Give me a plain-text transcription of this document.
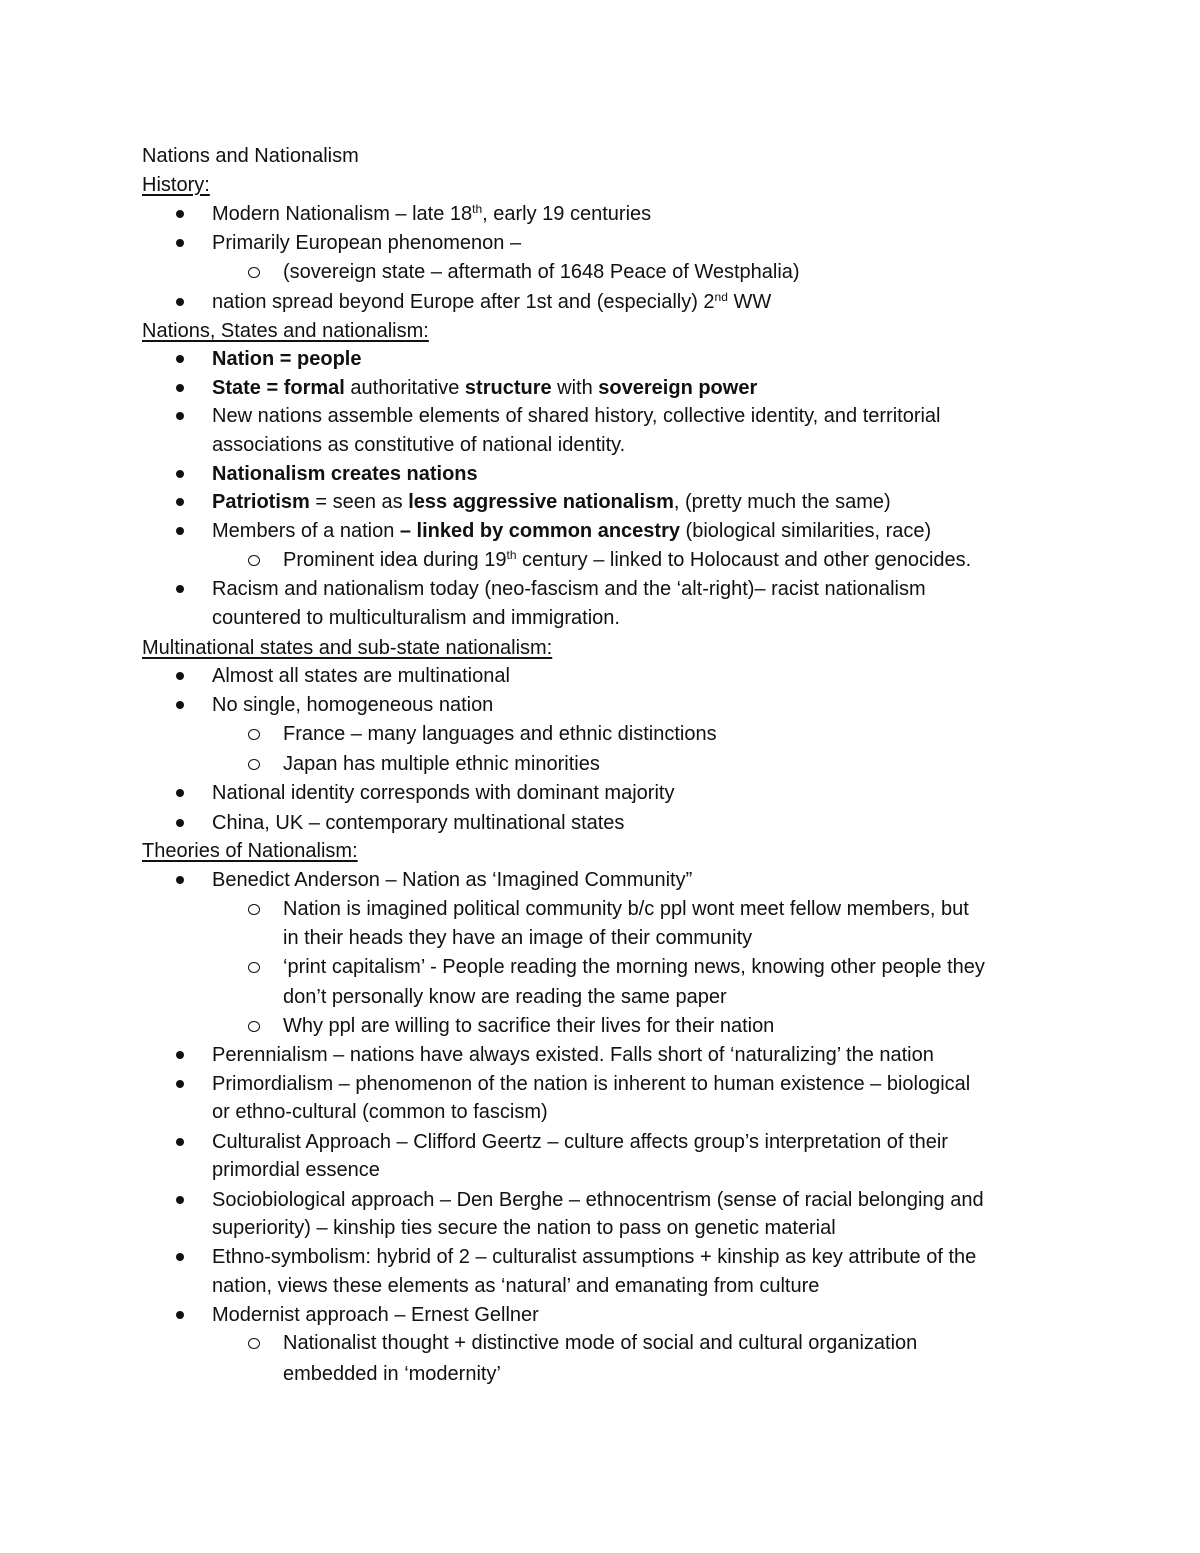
Nations and Nationalism
History:
Modern Nationalism – late 18th, early 19 centuries
Primarily European phenomenon –
(sovereign state – aftermath of 1648 Peace of Westphalia)
nation spread beyond Europe after 1st and (especially) 2nd WW
Nations, States and nationalism:
Nation = people
State = formal authoritative structure with sovereign power
New nations assemble elements of shared history, collective identity, and territorial
associations as constitutive of national identity.
Nationalism creates nations
Patriotism = seen as less aggressive nationalism, (pretty much the same)
Members of a nation – linked by common ancestry (biological similarities, race)
Prominent idea during 19th century – linked to Holocaust and other genocides.
Racism and nationalism today (neo-fascism and the ‘alt-right)– racist nationalism
countered to multiculturalism and immigration.
Multinational states and sub-state nationalism:
Almost all states are multinational
No single, homogeneous nation
France – many languages and ethnic distinctions
Japan has multiple ethnic minorities
National identity corresponds with dominant majority
China, UK – contemporary multinational states
Theories of Nationalism:
Benedict Anderson – Nation as ‘Imagined Community”
Nation is imagined political community b/c ppl wont meet fellow members, but
in their heads they have an image of their community
‘print capitalism’ - People reading the morning news, knowing other people they
don’t personally know are reading the same paper
Why ppl are willing to sacrifice their lives for their nation
Perennialism – nations have always existed. Falls short of ‘naturalizing’ the nation
Primordialism – phenomenon of the nation is inherent to human existence – biological
or ethno-cultural (common to fascism)
Culturalist Approach – Clifford Geertz – culture affects group’s interpretation of their
primordial essence
Sociobiological approach – Den Berghe – ethnocentrism (sense of racial belonging and
superiority) – kinship ties secure the nation to pass on genetic material
Ethno-symbolism: hybrid of 2 – culturalist assumptions + kinship as key attribute of the
nation, views these elements as ‘natural’ and emanating from culture
Modernist approach – Ernest Gellner
Nationalist thought + distinctive mode of social and cultural organization
embedded in ‘modernity’
